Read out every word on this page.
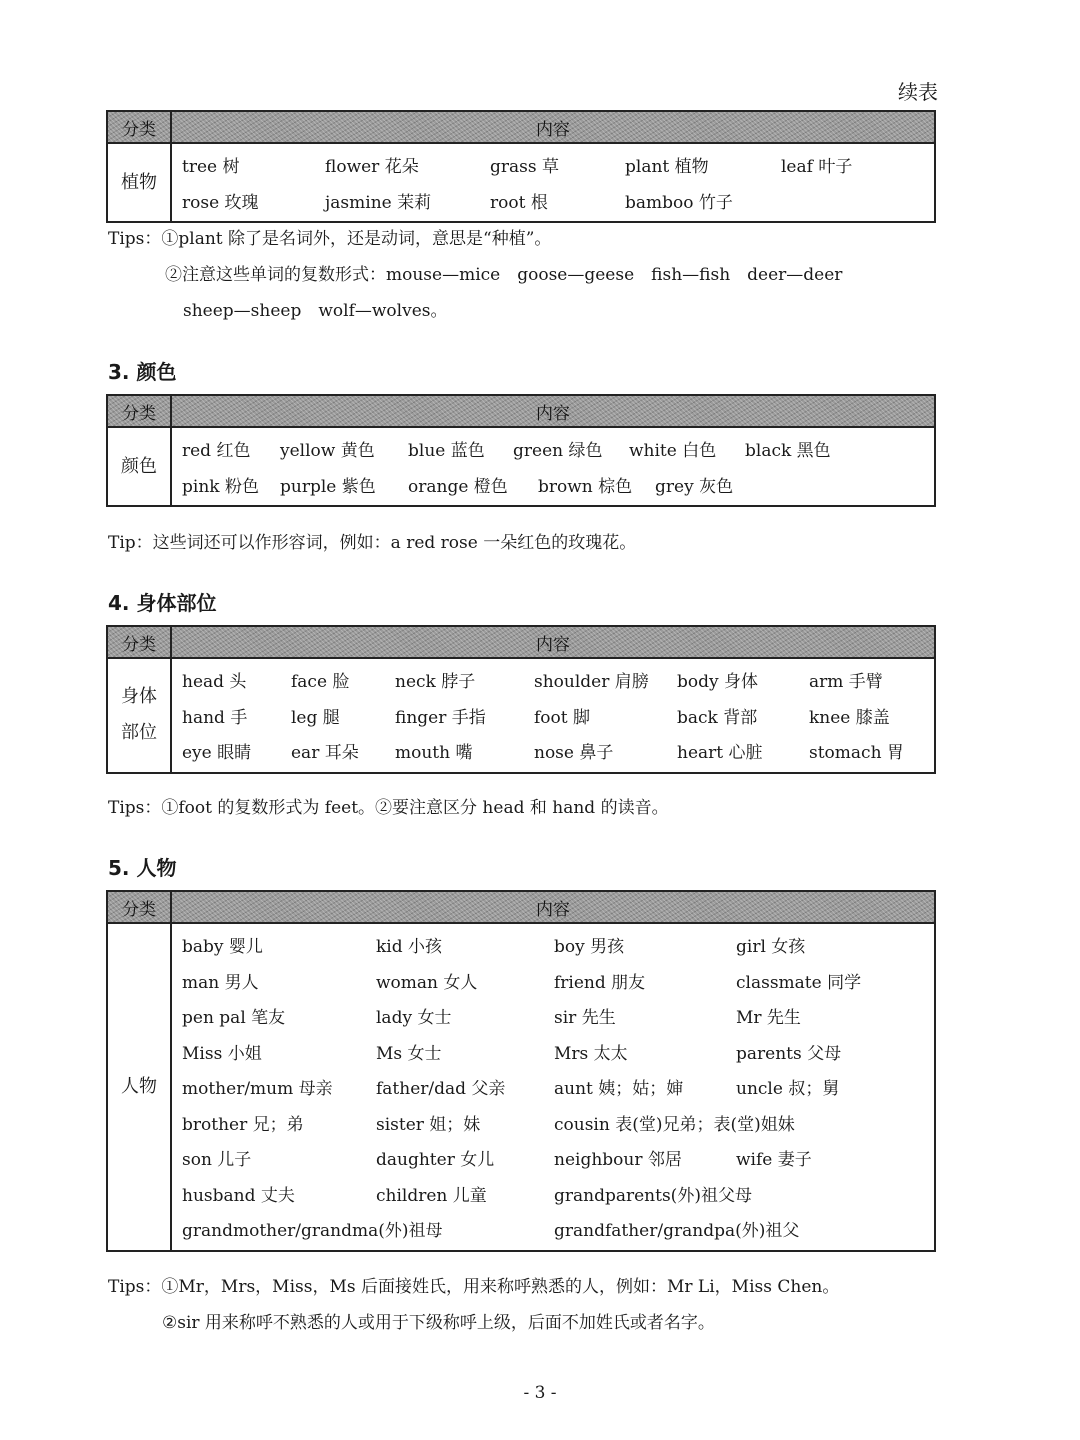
续表
分类	内容
植物	
tree 树	flower 花朵	grass 草	plant 植物	leaf 叶子
rose 玫瑰	jasmine 茉莉	root 根	bamboo 竹子
Tips：①plant 除了是名词外，还是动词，意思是“种植”。
②注意这些单词的复数形式：mouse—mice　goose—geese　fish—fish　deer—deer
sheep—sheep　wolf—wolves。
3. 颜色
分类	内容
颜色	
red 红色	yellow 黄色	blue 蓝色	green 绿色	white 白色	black 黑色
pink 粉色	purple 紫色	orange 橙色	brown 棕色	grey 灰色
Tip：这些词还可以作形容词，例如：a red rose 一朵红色的玫瑰花。
4. 身体部位
分类	内容

身体
部位

head 头	face 脸	neck 脖子	shoulder 肩膀	body 身体	arm 手臂
hand 手	leg 腿	finger 手指	foot 脚	back 背部	knee 膝盖
eye 眼睛	ear 耳朵	mouth 嘴	nose 鼻子	heart 心脏	stomach 胃
Tips：①foot 的复数形式为 feet。②要注意区分 head 和 hand 的读音。
5. 人物
分类	内容
人物	
baby 婴儿	kid 小孩	boy 男孩	girl 女孩
man 男人	woman 女人	friend 朋友	classmate 同学
pen pal 笔友	lady 女士	sir 先生	Mr 先生
Miss 小姐	Ms 女士	Mrs 太太	parents 父母
mother/mum 母亲	father/dad 父亲	aunt 姨；姑；婶	uncle 叔；舅
brother 兄；弟	sister 姐；妹	cousin 表(堂)兄弟；表(堂)姐妹
son 儿子	daughter 女儿	neighbour 邻居	wife 妻子
husband 丈夫	children 儿童	grandparents(外)祖父母
grandmother/grandma(外)祖母	grandfather/grandpa(外)祖父
Tips：①Mr，Mrs，Miss，Ms 后面接姓氏，用来称呼熟悉的人，例如：Mr Li，Miss Chen。
②sir 用来称呼不熟悉的人或用于下级称呼上级，后面不加姓氏或者名字。
- 3 -
